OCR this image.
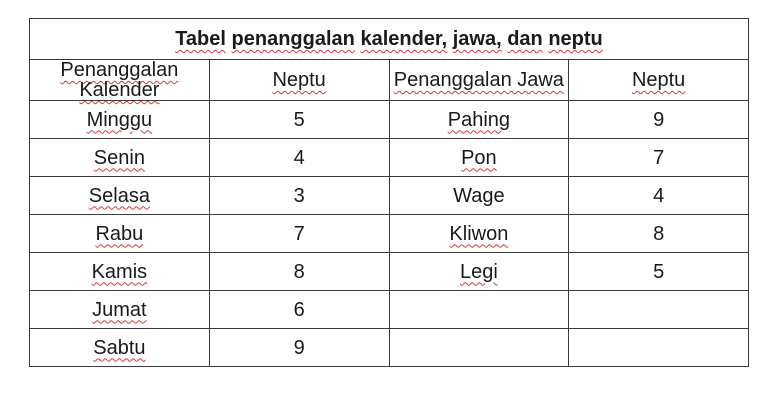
Tabel penanggalan kalender, jawa, dan neptu			
Penanggalan Kalender	Neptu	Penanggalan Jawa	Neptu
Minggu	5	Pahing	9
Senin	4	Pon	7
Selasa	3	Wage	4
Rabu	7	Kliwon	8
Kamis	8	Legi	5
Jumat	6		
Sabtu	9		
